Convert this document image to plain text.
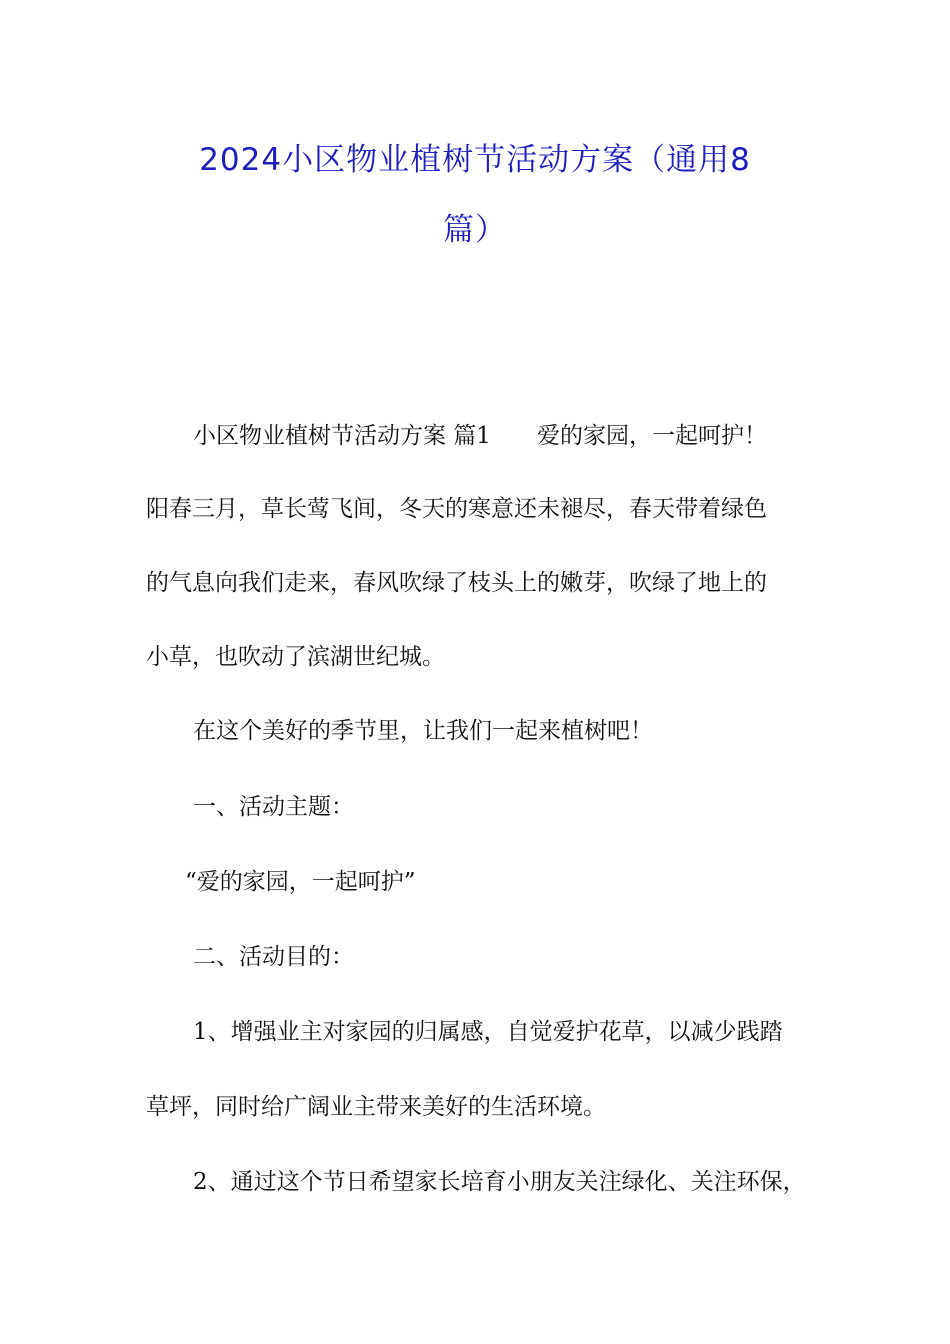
2024小区物业植树节活动方案（通用8
篇）

小区物业植树节活动方案 篇1 爱的家园，一起呵护！

阳春三月，草长莺飞间，冬天的寒意还未褪尽，春天带着绿色

的气息向我们走来，春风吹绿了枝头上的嫩芽，吹绿了地上的

小草，也吹动了滨湖世纪城。

在这个美好的季节里，让我们一起来植树吧！

一、活动主题：

“爱的家园，一起呵护”

二、活动目的：

1、增强业主对家园的归属感，自觉爱护花草，以减少践踏

草坪，同时给广阔业主带来美好的生活环境。

2、通过这个节日希望家长培育小朋友关注绿化、关注环保，
